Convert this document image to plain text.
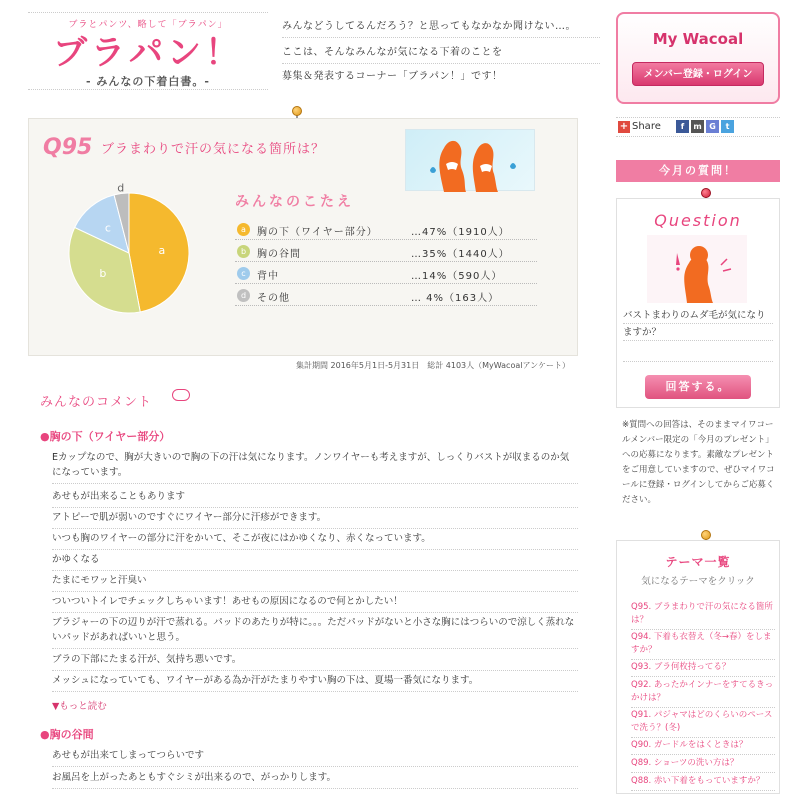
ブラとパンツ、略して「ブラパン」
ブラパン！
- みんなの下着白書。-
みんなどうしてるんだろう？と思ってもなかなか聞けない…。
ここは、そんなみんなが気になる下着のことを
募集＆発表するコーナー「ブラパン！」です！
My Wacoal
メンバー登録・ログイン
+ Share	f	m G	t
Q95 ブラまわりで汗の気になる箇所は？
a
b
c
d
みんなのこたえ
a	胸の下（ワイヤー部分）	…47%（1910人）
b	胸の谷間	…35%（1440人）
c	背中	…14%（590人）
d	その他	… 4%（163人）
集計期間 2016年5月1日-5月31日　総計 4103人（MyWacoalアンケート）
みんなのコメント
●胸の下（ワイヤー部分）
Eカップなので、胸が大きいので胸の下の汗は気になります。ノンワイヤーも考えますが、しっくりバストが収まるのか気になっています。
あせもが出来ることもあります
アトピーで肌が弱いのですぐにワイヤー部分に汗疹ができます。
いつも胸のワイヤーの部分に汗をかいて、そこが夜にはかゆくなり、赤くなっています。
かゆくなる
たまにモワッと汗臭い
ついついトイレでチェックしちゃいます！あせもの原因になるので何とかしたい！
ブラジャーの下の辺りが汗で蒸れる。パッドのあたりが特に。。。ただパッドがないと小さな胸にはつらいので涼しく蒸れないパッドがあればいいと思う。
ブラの下部にたまる汗が、気持ち悪いです。
メッシュになっていても、ワイヤーがある為か汗がたまりやすい胸の下は、夏場一番気になります。
▼もっと読む
●胸の谷間
あせもが出来てしまってつらいです
お風呂を上がったあともすぐシミが出来るので、がっかりします。
今月の質問！
Question
バストまわりのムダ毛が気になりますか？
回答する。
※質問への回答は、そのままマイワコールメンバー限定の「今月のプレゼント」への応募になります。素敵なプレゼントをご用意していますので、ぜひマイワコールに登録・ログインしてからご応募ください。
テーマ一覧
気になるテーマをクリック
Q95. ブラまわりで汗の気になる箇所は？
Q94. 下着も衣替え（冬→春）をしますか？
Q93. ブラ何枚持ってる？
Q92. あったかインナーをすてるきっかけは？
Q91. パジャマはどのくらいのペースで洗う？(冬)
Q90. ガードルをはくときは？
Q89. ショーツの洗い方は？
Q88. 赤い下着をもっていますか？
